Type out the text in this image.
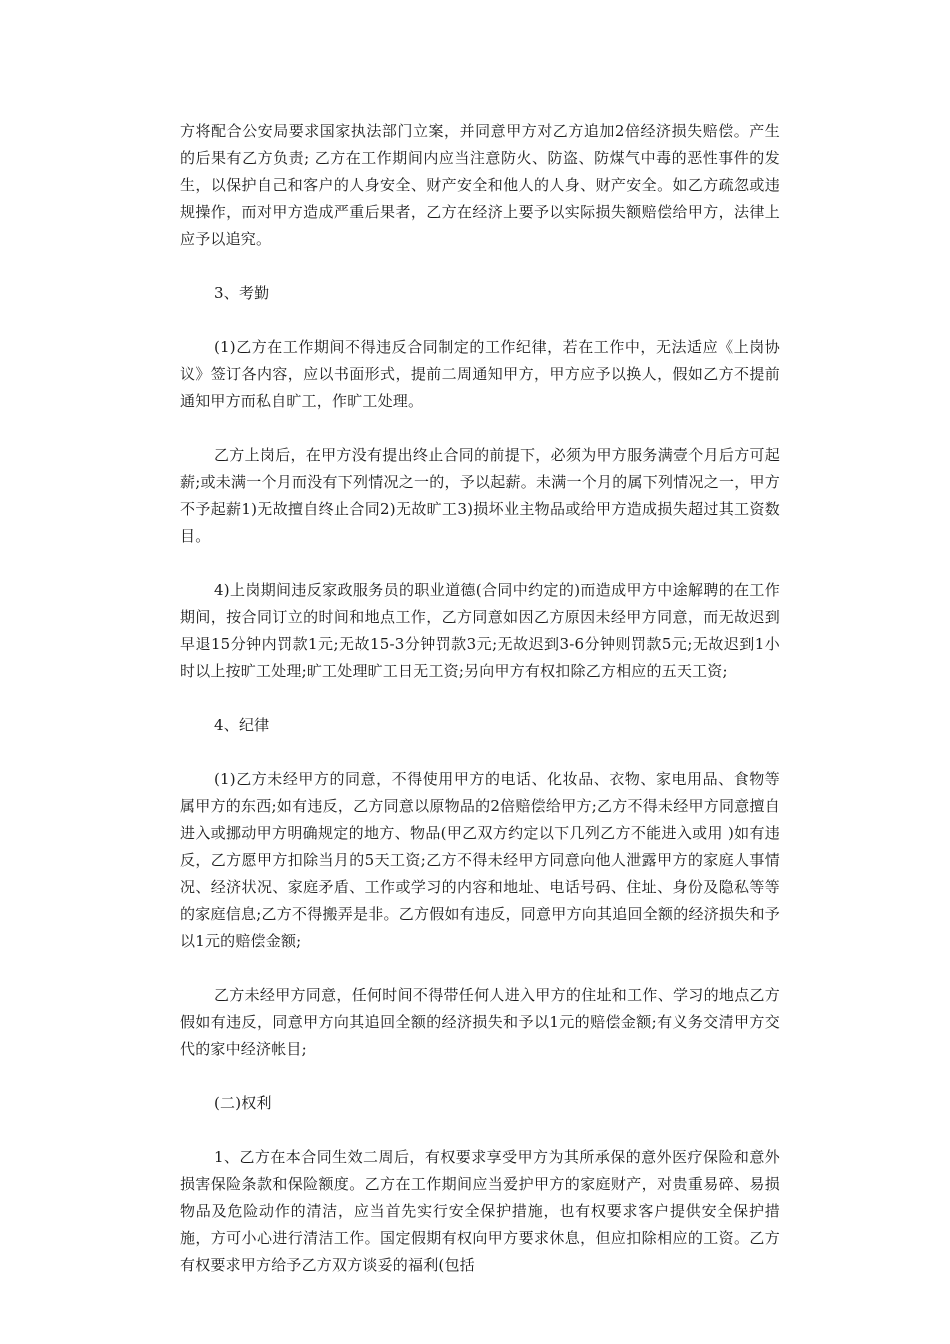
方将配合公安局要求国家执法部门立案，并同意甲方对乙方追加2倍经济损失赔偿。产生的后果有乙方负责; 乙方在工作期间内应当注意防火、防盗、防煤气中毒的恶性事件的发生，以保护自己和客户的人身安全、财产安全和他人的人身、财产安全。如乙方疏忽或违规操作，而对甲方造成严重后果者，乙方在经济上要予以实际损失额赔偿给甲方，法律上应予以追究。

3、考勤

(1)乙方在工作期间不得违反合同制定的工作纪律，若在工作中，无法适应《上岗协议》签订各内容，应以书面形式，提前二周通知甲方，甲方应予以换人，假如乙方不提前通知甲方而私自旷工，作旷工处理。

乙方上岗后，在甲方没有提出终止合同的前提下，必须为甲方服务满壹个月后方可起薪;或未满一个月而没有下列情况之一的，予以起薪。未满一个月的属下列情况之一，甲方不予起薪1)无故擅自终止合同2)无故旷工3)损坏业主物品或给甲方造成损失超过其工资数目。

4)上岗期间违反家政服务员的职业道德(合同中约定的)而造成甲方中途解聘的在工作期间，按合同订立的时间和地点工作，乙方同意如因乙方原因未经甲方同意，而无故迟到早退15分钟内罚款1元;无故15-3分钟罚款3元;无故迟到3-6分钟则罚款5元;无故迟到1小时以上按旷工处理;旷工处理旷工日无工资;另向甲方有权扣除乙方相应的五天工资;

4、纪律

(1)乙方未经甲方的同意，不得使用甲方的电话、化妆品、衣物、家电用品、食物等属甲方的东西;如有违反，乙方同意以原物品的2倍赔偿给甲方;乙方不得未经甲方同意擅自进入或挪动甲方明确规定的地方、物品(甲乙双方约定以下几列乙方不能进入或用 )如有违反，乙方愿甲方扣除当月的5天工资;乙方不得未经甲方同意向他人泄露甲方的家庭人事情况、经济状况、家庭矛盾、工作或学习的内容和地址、电话号码、住址、身份及隐私等等的家庭信息;乙方不得搬弄是非。乙方假如有违反，同意甲方向其追回全额的经济损失和予以1元的赔偿金额;

乙方未经甲方同意，任何时间不得带任何人进入甲方的住址和工作、学习的地点乙方假如有违反，同意甲方向其追回全额的经济损失和予以1元的赔偿金额;有义务交清甲方交代的家中经济帐目;

(二)权利

1、乙方在本合同生效二周后，有权要求享受甲方为其所承保的意外医疗保险和意外损害保险条款和保险额度。乙方在工作期间应当爱护甲方的家庭财产，对贵重易碎、易损物品及危险动作的清洁，应当首先实行安全保护措施，也有权要求客户提供安全保护措施，方可小心进行清洁工作。国定假期有权向甲方要求休息，但应扣除相应的工资。乙方有权要求甲方给予乙方双方谈妥的福利(包括
